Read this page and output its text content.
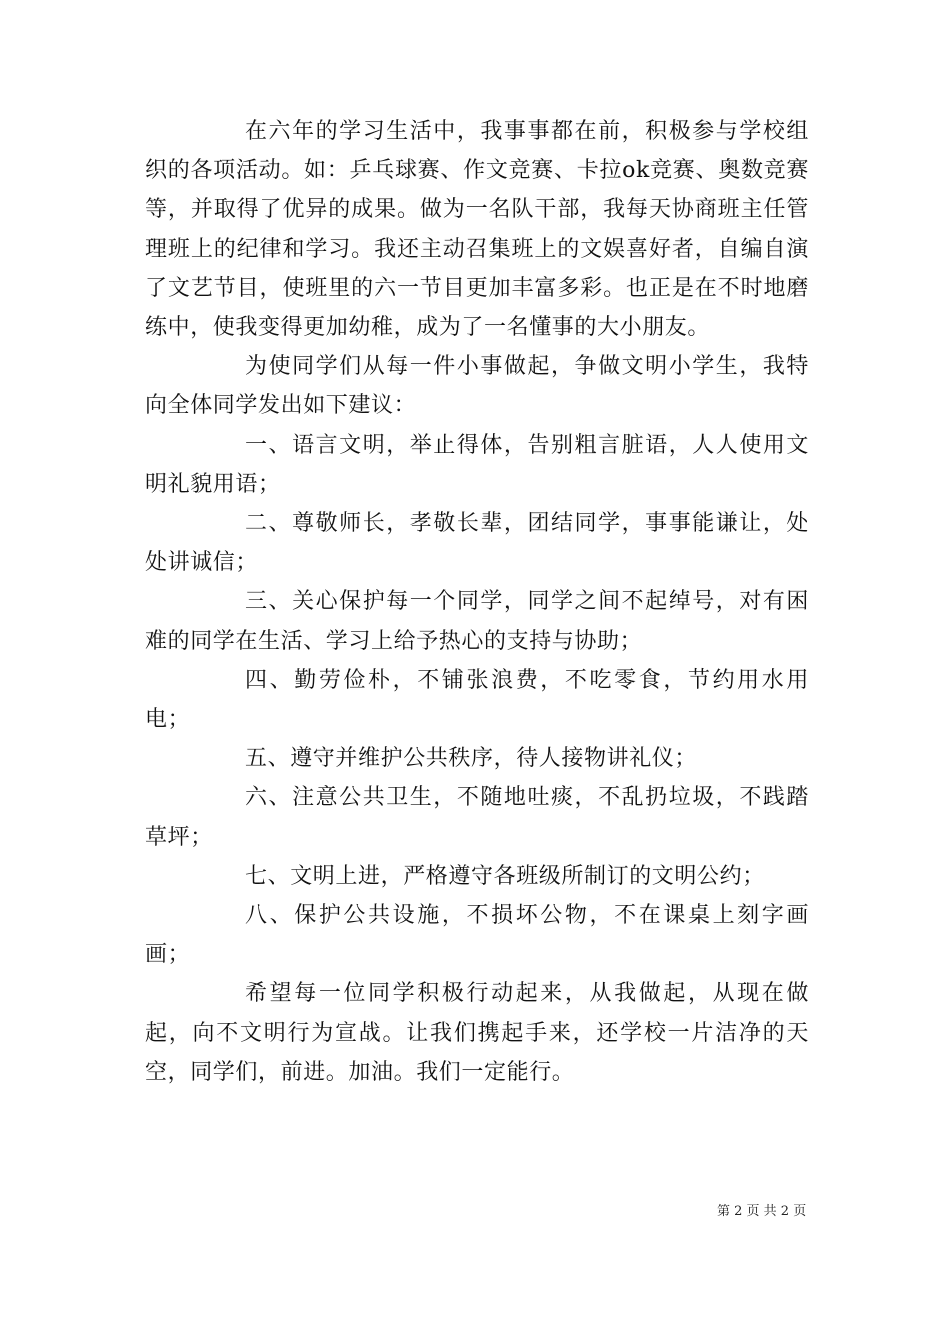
在六年的学习生活中，我事事都在前，积极参与学校组织的各项活动。如：乒乓球赛、作文竞赛、卡拉ok竞赛、奥数竞赛等，并取得了优异的成果。做为一名队干部，我每天协商班主任管理班上的纪律和学习。我还主动召集班上的文娱喜好者，自编自演了文艺节目，使班里的六一节目更加丰富多彩。也正是在不时地磨练中，使我变得更加幼稚，成为了一名懂事的大小朋友。

为使同学们从每一件小事做起，争做文明小学生，我特向全体同学发出如下建议：

一、语言文明，举止得体，告别粗言脏语，人人使用文明礼貌用语；

二、尊敬师长，孝敬长辈，团结同学，事事能谦让，处处讲诚信；

三、关心保护每一个同学，同学之间不起绰号，对有困难的同学在生活、学习上给予热心的支持与协助；

四、勤劳俭朴，不铺张浪费，不吃零食，节约用水用电；

五、遵守并维护公共秩序，待人接物讲礼仪；

六、注意公共卫生，不随地吐痰，不乱扔垃圾，不践踏草坪；

七、文明上进，严格遵守各班级所制订的文明公约；

八、保护公共设施，不损坏公物，不在课桌上刻字画画；

希望每一位同学积极行动起来，从我做起，从现在做起，向不文明行为宣战。让我们携起手来，还学校一片洁净的天空，同学们，前进。加油。我们一定能行。

第 2 页 共 2 页
